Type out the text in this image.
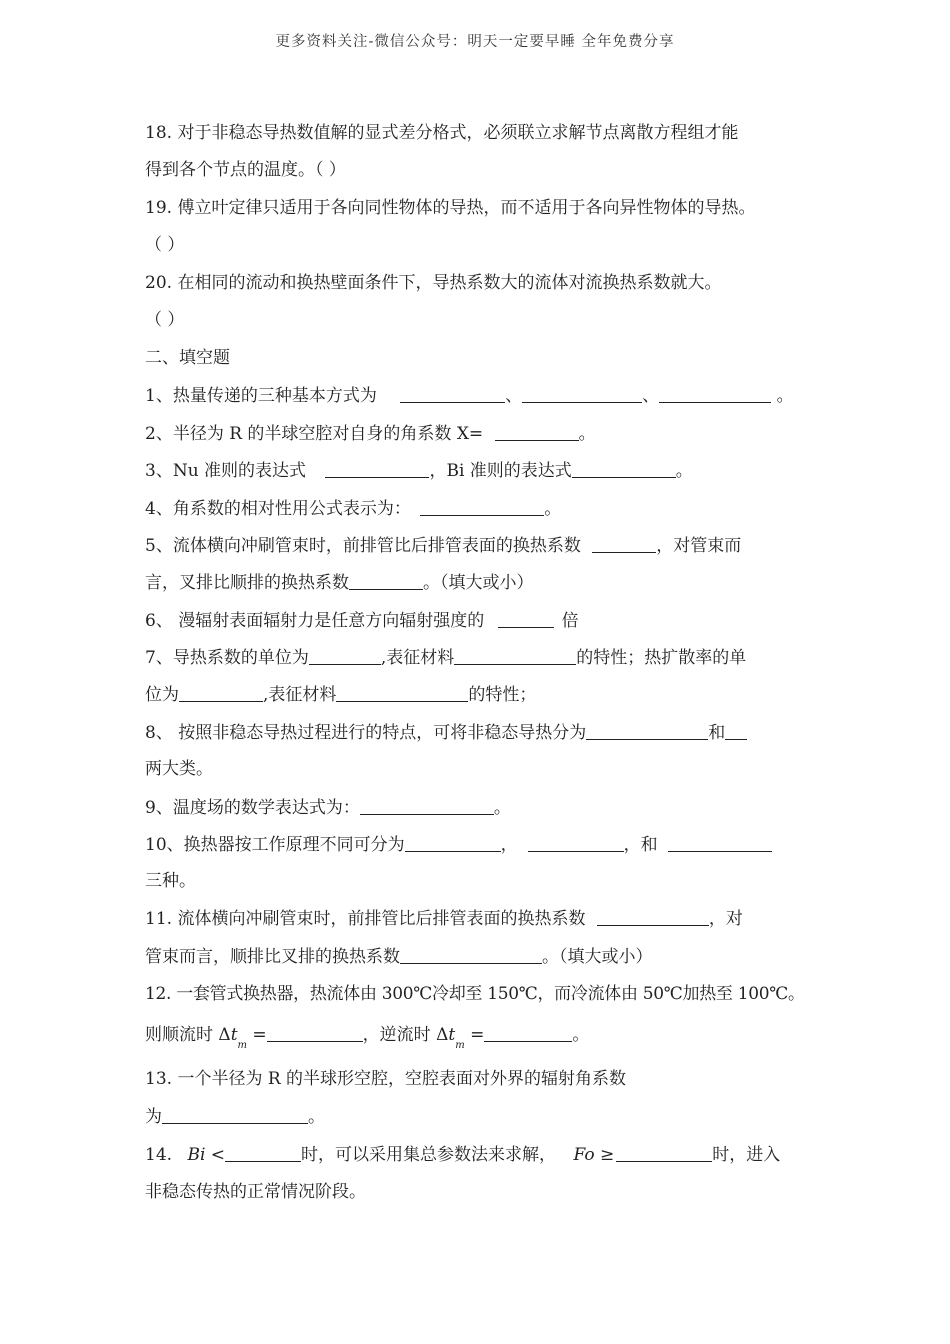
更多资料关注-微信公众号：明天一定要早睡 全年免费分享
18. 对于非稳态导热数值解的显式差分格式，必须联立求解节点离散方程组才能
得到各个节点的温度。（ ）
19. 傅立叶定律只适用于各向同性物体的导热，而不适用于各向异性物体的导热。
（ ）
20. 在相同的流动和换热壁面条件下，导热系数大的流体对流换热系数就大。
（ ）
二、填空题
1、热量传递的三种基本方式为	、	、	。
2、半径为 R 的半球空腔对自身的角系数 X=	。
3、Nu 准则的表达式	，Bi 准则的表达式	。
4、角系数的相对性用公式表示为：	。
5、流体横向冲刷管束时，前排管比后排管表面的换热系数	，对管束而
言，叉排比顺排的换热系数	。（填大或小）
6、 漫辐射表面辐射力是任意方向辐射强度的	倍
7、导热系数的单位为	,表征材料	的特性；热扩散率的单
位为	,表征材料	的特性；
8、 按照非稳态导热过程进行的特点，可将非稳态导热分为	和
两大类。
9、温度场的数学表达式为：	。
10、换热器按工作原理不同可分为	，	，和
三种。
11. 流体横向冲刷管束时，前排管比后排管表面的换热系数	，对
管束而言，顺排比叉排的换热系数	。（填大或小）
12. 一套管式换热器，热流体由 300℃冷却至 150℃，而冷流体由 50℃加热至 100℃。
则顺流时 $\Delta t_m$ =	，逆流时 $\Delta t_m$ =	。
13. 一个半径为 R 的半球形空腔，空腔表面对外界的辐射角系数
为	。
14. Bi <	时，可以采用集总参数法来求解， Fo ≥	时，进入
非稳态传热的正常情况阶段。
